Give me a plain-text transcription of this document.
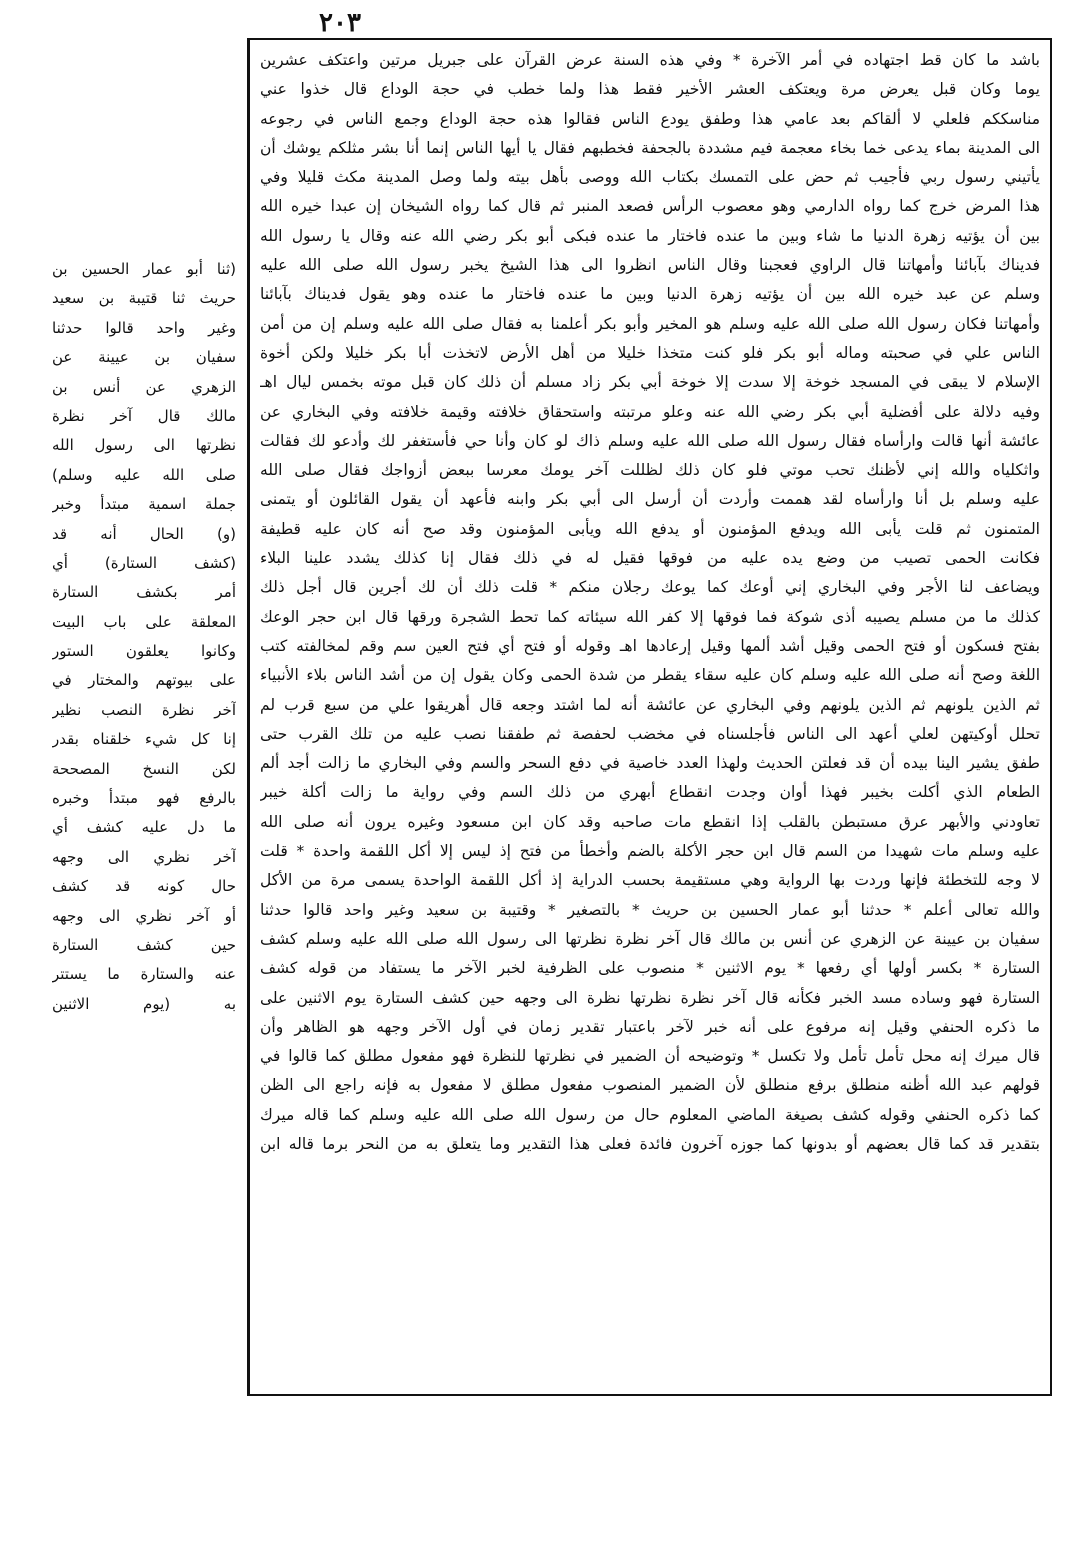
٢٠٣
(ثنا أبو عمار الحسين بن
حريث ثنا قتيبة بن سعيد
وغير واحد قالوا حدثنا
سفيان بن عيينة عن
الزهري عن أنس بن
مالك قال آخر نظرة
نظرتها الى رسول الله
صلى الله عليه وسلم)
جملة اسمية مبتدأ وخبر
(و) الحال أنه قد
(كشف الستارة) أي
أمر بكشف الستارة
المعلقة على باب البيت
وكانوا يعلقون الستور
على بيوتهم والمختار في
آخر نظرة النصب نظير
إنا كل شيء خلقناه بقدر
لكن النسخ المصححة
بالرفع فهو مبتدأ وخبره
ما دل عليه كشف أي
آخر نظري الى وجهه
حال كونه قد كشف
أو آخر نظري الى وجهه
حين كشف الستارة
عنه والستارة ما يستتر
به (يوم الاثنين
باشد ما كان قط اجتهاده في أمر الآخرة * وفي هذه السنة عرض القرآن على جبريل مرتين واعتكف عشرين
يوما وكان قبل يعرض مرة ويعتكف العشر الأخير فقط هذا ولما خطب في حجة الوداع قال خذوا عني
مناسككم فلعلي لا ألقاكم بعد عامي هذا وطفق يودع الناس فقالوا هذه حجة الوداع وجمع الناس في رجوعه
الى المدينة بماء يدعى خما بخاء معجمة فيم مشددة بالجحفة فخطبهم فقال يا أيها الناس إنما أنا بشر مثلكم يوشك أن
يأتيني رسول ربي فأجيب ثم حض على التمسك بكتاب الله ووصى بأهل بيته ولما وصل المدينة مكث قليلا وفي
هذا المرض خرج كما رواه الدارمي وهو معصوب الرأس فصعد المنبر ثم قال كما رواه الشيخان إن عبدا خيره الله
بين أن يؤتيه زهرة الدنيا ما شاء وبين ما عنده فاختار ما عنده فبكى أبو بكر رضي الله عنه وقال يا رسول الله
فديناك بآبائنا وأمهاتنا قال الراوي فعجبنا وقال الناس انظروا الى هذا الشيخ يخبر رسول الله صلى الله عليه
وسلم عن عبد خيره الله بين أن يؤتيه زهرة الدنيا وبين ما عنده فاختار ما عنده وهو يقول فديناك بآبائنا
وأمهاتنا فكان رسول الله صلى الله عليه وسلم هو المخير وأبو بكر أعلمنا به فقال صلى الله عليه وسلم إن من أمن
الناس علي في صحبته وماله أبو بكر فلو كنت متخذا خليلا من أهل الأرض لاتخذت أبا بكر خليلا ولكن أخوة
الإسلام لا يبقى في المسجد خوخة إلا سدت إلا خوخة أبي بكر زاد مسلم أن ذلك كان قبل موته بخمس ليال اهـ
وفيه دلالة على أفضلية أبي بكر رضي الله عنه وعلو مرتبته واستحقاق خلافته وقيمة خلافته وفي البخاري عن
عائشة أنها قالت وارأساه فقال رسول الله صلى الله عليه وسلم ذاك لو كان وأنا حي فأستغفر لك وأدعو لك فقالت
واثكلياه والله إني لأظنك تحب موتي فلو كان ذلك لظللت آخر يومك معرسا ببعض أزواجك فقال صلى الله
عليه وسلم بل أنا وارأساه لقد هممت وأردت أن أرسل الى أبي بكر وابنه فأعهد أن يقول القائلون أو يتمنى
المتمنون ثم قلت يأبى الله ويدفع المؤمنون أو يدفع الله ويأبى المؤمنون وقد صح أنه كان عليه قطيفة
فكانت الحمى تصيب من وضع يده عليه من فوقها فقيل له في ذلك فقال إنا كذلك يشدد علينا البلاء
ويضاعف لنا الأجر وفي البخاري إني أوعك كما يوعك رجلان منكم * قلت ذلك أن لك أجرين قال أجل ذلك
كذلك ما من مسلم يصيبه أذى شوكة فما فوقها إلا كفر الله سيئاته كما تحط الشجرة ورقها قال ابن حجر الوعك
بفتح فسكون أو فتح الحمى وقيل أشد ألمها وقيل إرعادها اهـ وقوله أو فتح أي فتح العين سم وقم لمخالفته كتب
اللغة وصح أنه صلى الله عليه وسلم كان عليه سقاء يقطر من شدة الحمى وكان يقول إن من أشد الناس بلاء الأنبياء
ثم الذين يلونهم ثم الذين يلونهم وفي البخاري عن عائشة أنه لما اشتد وجعه قال أهريقوا علي من سبع قرب لم
تحلل أوكيتهن لعلي أعهد الى الناس فأجلسناه في مخضب لحفصة ثم طفقنا نصب عليه من تلك القرب حتى
طفق يشير الينا بيده أن قد فعلتن الحديث ولهذا العدد خاصية في دفع السحر والسم وفي البخاري ما زالت أجد ألم
الطعام الذي أكلت بخيبر فهذا أوان وجدت انقطاع أبهري من ذلك السم وفي رواية ما زالت أكلة خيبر
تعاودني والأبهر عرق مستبطن بالقلب إذا انقطع مات صاحبه وقد كان ابن مسعود وغيره يرون أنه صلى الله
عليه وسلم مات شهيدا من السم قال ابن حجر الأكلة بالضم وأخطأ من فتح إذ ليس إلا أكل اللقمة واحدة * قلت
لا وجه للتخطئة فإنها وردت بها الرواية وهي مستقيمة بحسب الدراية إذ أكل اللقمة الواحدة يسمى مرة من الأكل
والله تعالى أعلم * حدثنا أبو عمار الحسين بن حريث * بالتصغير * وقتيبة بن سعيد وغير واحد قالوا حدثنا
سفيان بن عيينة عن الزهري عن أنس بن مالك قال آخر نظرة نظرتها الى رسول الله صلى الله عليه وسلم كشف
الستارة * بكسر أولها أي رفعها * يوم الاثنين * منصوب على الظرفية لخبر الآخر ما يستفاد من قوله كشف
الستارة فهو وساده مسد الخبر فكأنه قال آخر نظرة نظرتها نظرة الى وجهه حين كشف الستارة يوم الاثنين على
ما ذكره الحنفي وقيل إنه مرفوع على أنه خبر لآخر باعتبار تقدير زمان في أول الآخر وجهه هو الظاهر وأن
قال ميرك إنه محل تأمل تأمل ولا تكسل * وتوضيحه أن الضمير في نظرتها للنظرة فهو مفعول مطلق كما قالوا في
قولهم عبد الله أظنه منطلق برفع منطلق لأن الضمير المنصوب مفعول مطلق لا مفعول به فإنه راجع الى الظن
كما ذكره الحنفي وقوله كشف بصيغة الماضي المعلوم حال من رسول الله صلى الله عليه وسلم كما قاله ميرك
بتقدير قد كما قال بعضهم أو بدونها كما جوزه آخرون فائدة فعلى هذا التقدير وما يتعلق به من النحر برما قاله ابن
